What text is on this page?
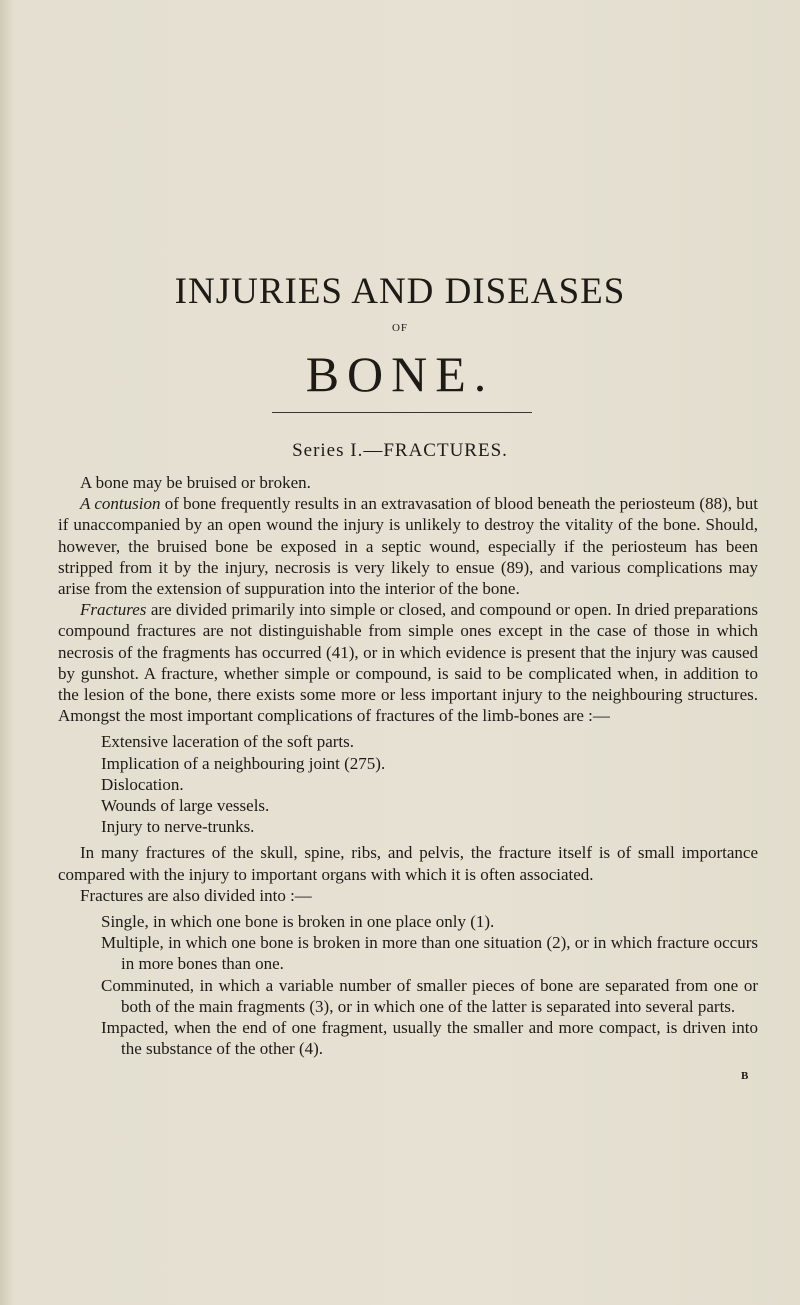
INJURIES AND DISEASES
OF
BONE.
Series I.—FRACTURES.

A bone may be bruised or broken.

A contusion of bone frequently results in an extravasation of blood beneath the periosteum (88), but if unaccompanied by an open wound the injury is unlikely to destroy the vitality of the bone. Should, however, the bruised bone be exposed in a septic wound, especially if the periosteum has been stripped from it by the injury, necrosis is very likely to ensue (89), and various complications may arise from the extension of suppuration into the interior of the bone.

Fractures are divided primarily into simple or closed, and compound or open. In dried preparations compound fractures are not distinguishable from simple ones except in the case of those in which necrosis of the fragments has occurred (41), or in which evidence is present that the injury was caused by gunshot. A fracture, whether simple or compound, is said to be complicated when, in addition to the lesion of the bone, there exists some more or less important injury to the neighbouring structures. Amongst the most important complications of fractures of the limb-bones are :—

Extensive laceration of the soft parts.
Implication of a neighbouring joint (275).
Dislocation.
Wounds of large vessels.
Injury to nerve-trunks.

In many fractures of the skull, spine, ribs, and pelvis, the fracture itself is of small importance compared with the injury to important organs with which it is often associated.

Fractures are also divided into :—

Single, in which one bone is broken in one place only (1).
Multiple, in which one bone is broken in more than one situation (2), or in which fracture occurs in more bones than one.
Comminuted, in which a variable number of smaller pieces of bone are separated from one or both of the main fragments (3), or in which one of the latter is separated into several parts.
Impacted, when the end of one fragment, usually the smaller and more compact, is driven into the substance of the other (4).
B
